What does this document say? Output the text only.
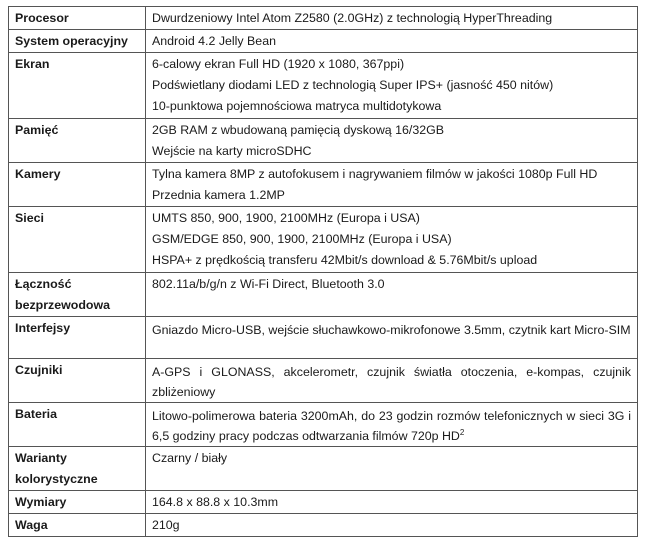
Procesor	Dwurdzeniowy Intel Atom Z2580 (2.0GHz) z technologią HyperThreading

System operacyjny	Android 4.2 Jelly Bean

Ekran	6-calowy ekran Full HD (1920 x 1080, 367ppi)
Podświetlany diodami LED z technologią Super IPS+ (jasność 450 nitów)
10-punktowa pojemnościowa matryca multidotykowa

Pamięć	2GB RAM z wbudowaną pamięcią dyskową 16/32GB
Wejście na karty microSDHC

Kamery	Tylna kamera 8MP z autofokusem i nagrywaniem filmów w jakości 1080p Full HD
Przednia kamera 1.2MP

Sieci	UMTS 850, 900, 1900, 2100MHz (Europa i USA)
GSM/EDGE 850, 900, 1900, 2100MHz (Europa i USA)
HSPA+ z prędkością transferu 42Mbit/s download & 5.76Mbit/s upload

Łączność bezprzewodowa	802.11a/b/g/n z Wi-Fi Direct, Bluetooth 3.0

Interfejsy	Gniazdo Micro-USB, wejście słuchawkowo-mikrofonowe 3.5mm, czytnik kart Micro-SIM

Czujniki	A-GPS i GLONASS, akcelerometr, czujnik światła otoczenia, e-kompas, czujnik zbliżeniowy

Bateria	Litowo-polimerowa bateria 3200mAh, do 23 godzin rozmów telefonicznych w sieci 3G i 6,5 godziny pracy podczas odtwarzania filmów 720p HD$^2$

Warianty kolorystyczne	Czarny / biały

Wymiary	164.8 x 88.8 x 10.3mm

Waga	210g
